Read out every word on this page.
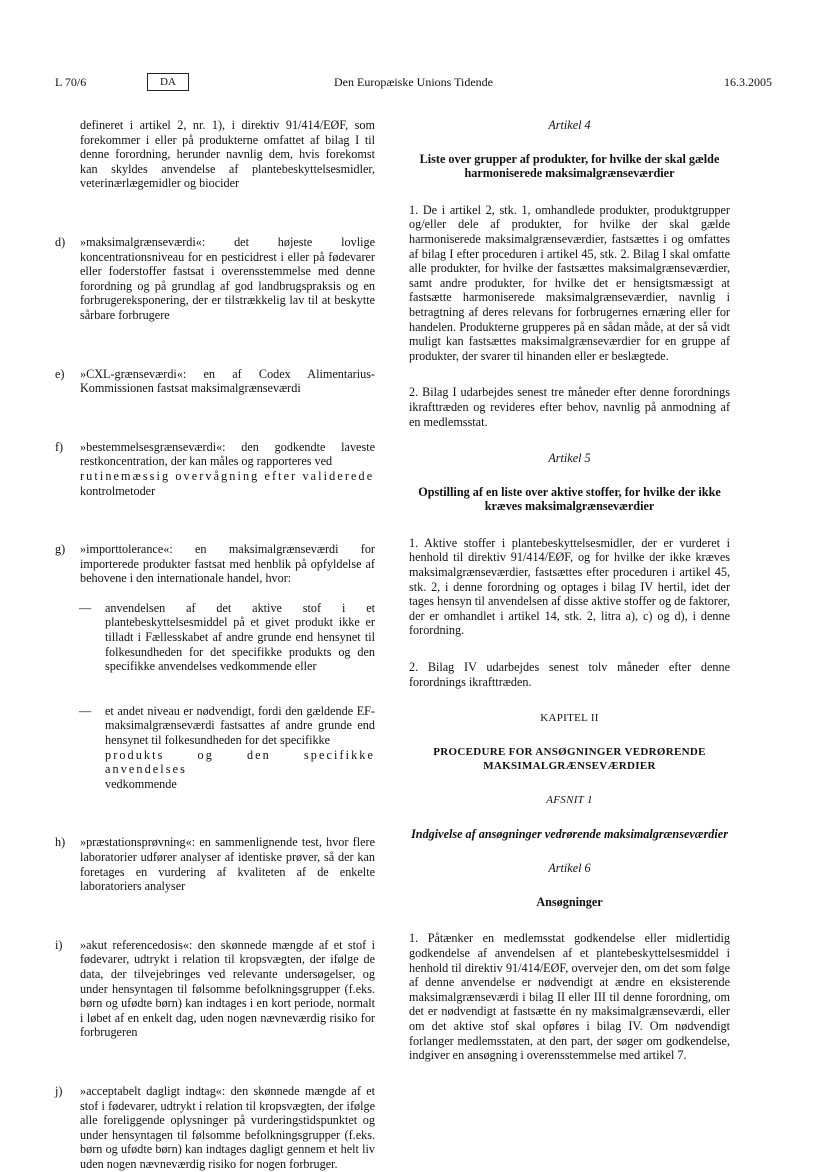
L 70/6	DA	Den Europæiske Unions Tidende	16.3.2005

defineret i artikel 2, nr. 1), i direktiv 91/414/EØF, som forekommer i eller på produkterne omfattet af bilag I til denne forordning, herunder navnlig dem, hvis forekomst kan skyldes anvendelse af plantebeskyttelsesmidler, veterinærlægemidler og biocider

d) »maksimalgrænseværdi«: det højeste lovlige koncentrationsniveau for en pesticidrest i eller på fødevarer eller foderstoffer fastsat i overensstemmelse med denne forordning og på grundlag af god landbrugspraksis og en forbrugereksponering, der er tilstrækkelig lav til at beskytte sårbare forbrugere
e) »CXL-grænseværdi«: en af Codex Alimentarius-Kommissionen fastsat maksimalgrænseværdi
f) »bestemmelsesgrænseværdi«: den godkendte laveste restkoncentration, der kan måles og rapporteres ved
rutinemæssig overvågning efter validerede
kontrolmetoder
g) »importtolerance«: en maksimalgrænseværdi for importerede produkter fastsat med henblik på opfyldelse af behovene i den internationale handel, hvor:
— anvendelsen af det aktive stof i et plantebeskyttelsesmiddel på et givet produkt ikke er tilladt i Fællesskabet af andre grunde end hensynet til folkesundheden for det specifikke produkts og den specifikke anvendelses vedkommende eller
— et andet niveau er nødvendigt, fordi den gældende EF-maksimalgrænseværdi fastsattes af andre grunde end hensynet til folkesundheden for det specifikke
produkts og den specifikke anvendelses
vedkommende
h) »præstationsprøvning«: en sammenlignende test, hvor flere laboratorier udfører analyser af identiske prøver, så der kan foretages en vurdering af kvaliteten af de enkelte laboratoriers analyser
i) »akut referencedosis«: den skønnede mængde af et stof i fødevarer, udtrykt i relation til kropsvægten, der ifølge de data, der tilvejebringes ved relevante undersøgelser, og under hensyntagen til følsomme befolkningsgrupper (f.eks. børn og ufødte børn) kan indtages i en kort periode, normalt i løbet af en enkelt dag, uden nogen nævneværdig risiko for forbrugeren
j) »acceptabelt dagligt indtag«: den skønnede mængde af et stof i fødevarer, udtrykt i relation til kropsvægten, der ifølge alle foreliggende oplysninger på vurderingstidspunktet og under hensyntagen til følsomme befolkningsgrupper (f.eks. børn og ufødte børn) kan indtages dagligt gennem et helt liv uden nogen nævneværdig risiko for nogen forbruger.

Artikel 4

Liste over grupper af produkter, for hvilke der skal gælde harmoniserede maksimalgrænseværdier

1. De i artikel 2, stk. 1, omhandlede produkter, produktgrupper og/eller dele af produkter, for hvilke der skal gælde harmoniserede maksimalgrænseværdier, fastsættes i og omfattes af bilag I efter proceduren i artikel 45, stk. 2. Bilag I skal omfatte alle produkter, for hvilke der fastsættes maksimalgrænseværdier, samt andre produkter, for hvilke det er hensigtsmæssigt at fastsætte harmoniserede maksimalgrænseværdier, navnlig i betragtning af deres relevans for forbrugernes ernæring eller for handelen. Produkterne grupperes på en sådan måde, at der så vidt muligt kan fastsættes maksimalgrænseværdier for en gruppe af produkter, der svarer til hinanden eller er beslægtede.

2. Bilag I udarbejdes senest tre måneder efter denne forordnings ikrafttræden og revideres efter behov, navnlig på anmodning af en medlemsstat.

Artikel 5

Opstilling af en liste over aktive stoffer, for hvilke der ikke kræves maksimalgrænseværdier

1. Aktive stoffer i plantebeskyttelsesmidler, der er vurderet i henhold til direktiv 91/414/EØF, og for hvilke der ikke kræves maksimalgrænseværdier, fastsættes efter proceduren i artikel 45, stk. 2, i denne forordning og optages i bilag IV hertil, idet der tages hensyn til anvendelsen af disse aktive stoffer og de faktorer, der er omhandlet i artikel 14, stk. 2, litra a), c) og d), i denne forordning.

2. Bilag IV udarbejdes senest tolv måneder efter denne forordnings ikrafttræden.

KAPITEL II

PROCEDURE FOR ANSØGNINGER VEDRØRENDE MAKSIMALGRÆNSEVÆRDIER

AFSNIT 1

Indgivelse af ansøgninger vedrørende maksimalgrænseværdier

Artikel 6

Ansøgninger

1. Påtænker en medlemsstat godkendelse eller midlertidig godkendelse af anvendelsen af et plantebeskyttelsesmiddel i henhold til direktiv 91/414/EØF, overvejer den, om det som følge af denne anvendelse er nødvendigt at ændre en eksisterende maksimalgrænseværdi i bilag II eller III til denne forordning, om det er nødvendigt at fastsætte én ny maksimalgrænseværdi, eller om det aktive stof skal opføres i bilag IV. Om nødvendigt forlanger medlemsstaten, at den part, der søger om godkendelse, indgiver en ansøgning i overensstemmelse med artikel 7.
